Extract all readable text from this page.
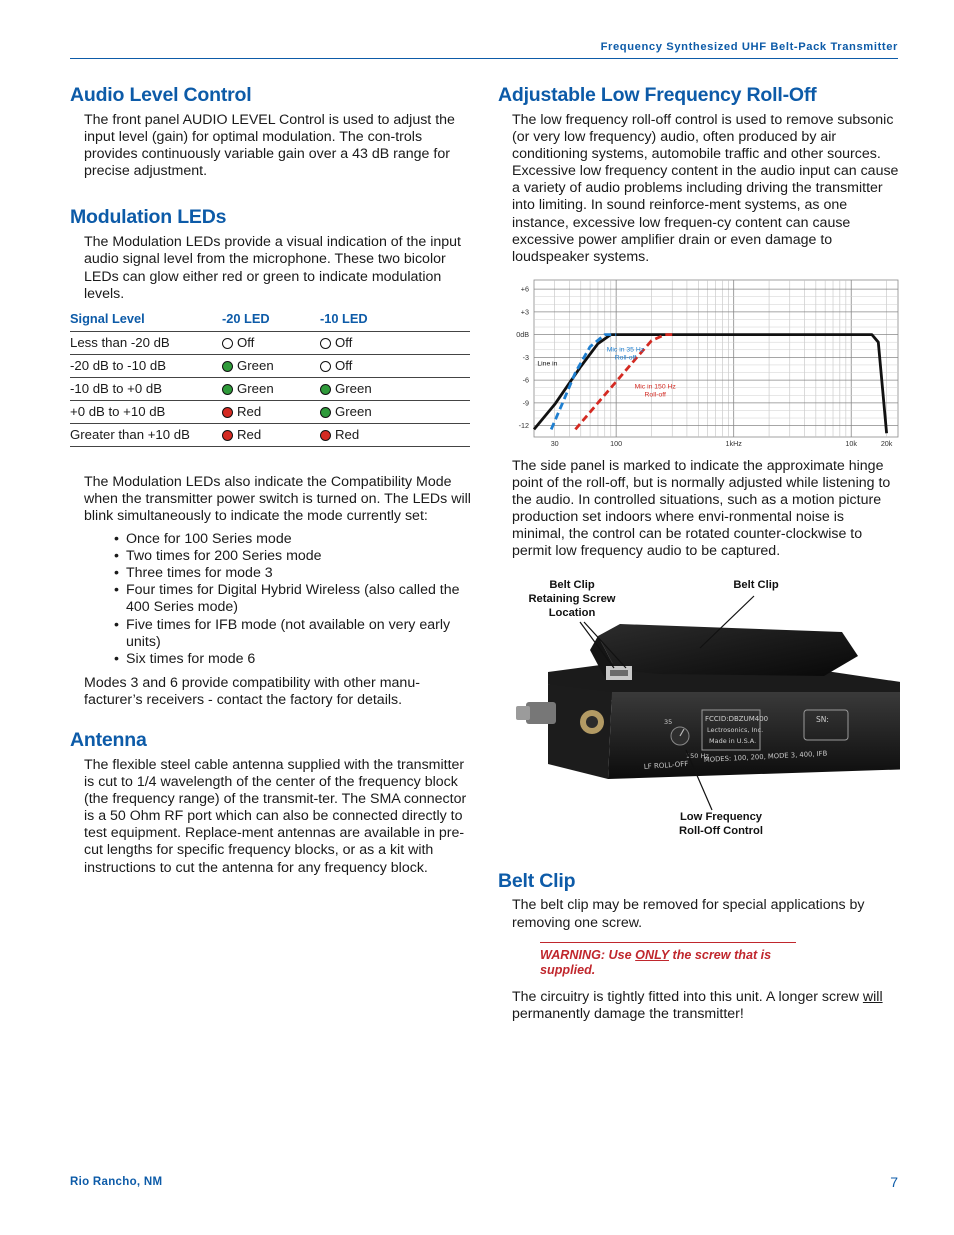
Frequency Synthesized UHF Belt-Pack Transmitter
Audio Level Control

The front panel AUDIO LEVEL Control is used to adjust the input level (gain) for optimal modulation. The con-trols provides continuously variable gain over a 43 dB range for precise adjustment.

Modulation LEDs

The Modulation LEDs provide a visual indication of the input audio signal level from the microphone. These two bicolor LEDs can glow either red or green to indicate modulation levels.

Signal Level	-20 LED	-10 LED
Less than -20 dB	Off	Off
-20 dB to -10 dB	Green	Off
-10 dB to +0 dB	Green	Green
+0 dB to +10 dB	Red	Green
Greater than +10 dB	Red	Red

The Modulation LEDs also indicate the Compatibility Mode when the transmitter power switch is turned on. The LEDs will blink simultaneously to indicate the mode currently set:

• Once for 100 Series mode
• Two times for 200 Series mode
• Three times for mode 3
• Four times for Digital Hybrid Wireless (also called the 400 Series mode)
• Five times for IFB mode (not available on very early units)
• Six times for mode 6

Modes 3 and 6 provide compatibility with other manu-facturer’s receivers - contact the factory for details.

Antenna

The flexible steel cable antenna supplied with the transmitter is cut to 1/4 wavelength of the center of the frequency block (the frequency range) of the transmit-ter. The SMA connector is a 50 Ohm RF port which can also be connected directly to test equipment. Replace-ment antennas are available in pre-cut lengths for specific frequency blocks, or as a kit with instructions to cut the antenna for any frequency block.

Adjustable Low Frequency Roll-Off

The low frequency roll-off control is used to remove subsonic (or very low frequency) audio, often produced by air conditioning systems, automobile traffic and other sources. Excessive low frequency content in the audio input can cause a variety of audio problems including driving the transmitter into limiting. In sound reinforce-ment systems, as one instance, excessive low frequen-cy content can cause excessive power amplifier drain or even damage to loudspeaker systems.

+6
+3
0dB
-3
-6
-9
-12
30	100	1kHz	10k	20k
Line in
Mic in 35 Hz
Roll-off
Mic in 150 Hz
Roll-off

The side panel is marked to indicate the approximate hinge point of the roll-off, but is normally adjusted while listening to the audio. In controlled situations, such as a motion picture production set indoors where envi-ronmental noise is minimal, the control can be rotated counter-clockwise to permit low frequency audio to be captured.

35
150 Hz
LF ROLL-OFF
FCCID:DBZUM400
Lectrosonics, Inc.
Made in U.S.A.
MODES: 100, 200, MODE 3, 400, IFB
SN:
Belt Clip
Retaining Screw
Location
Belt Clip
Low Frequency
Roll-Off Control
Belt Clip

The belt clip may be removed for special applications by removing one screw.

WARNING: Use ONLY the screw that is supplied.

The circuitry is tightly fitted into this unit. A longer screw will permanently damage the transmitter!

Rio Rancho, NM	7
